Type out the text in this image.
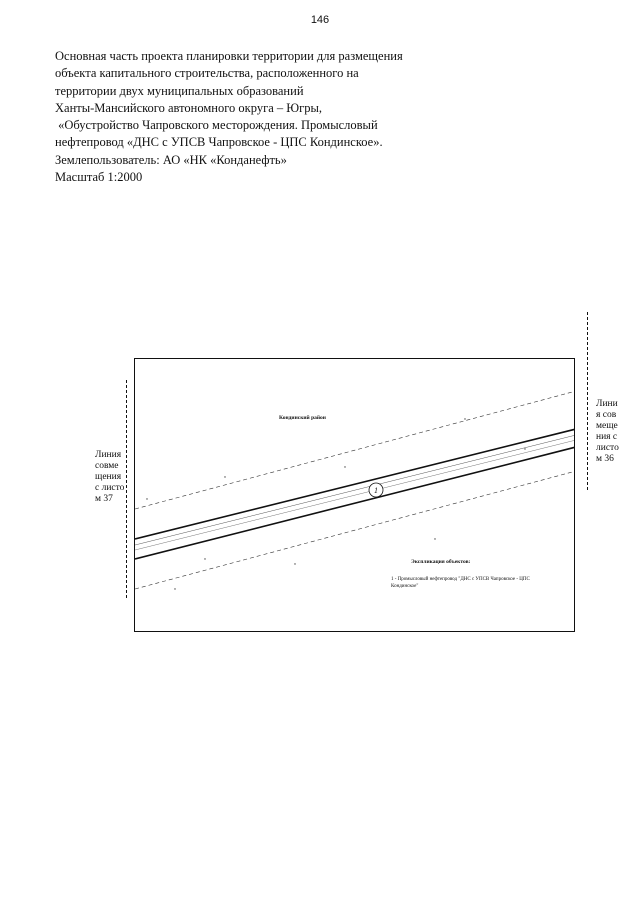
146
Основная часть проекта планировки территории для размещения
объекта капитального строительства, расположенного на
территории двух муниципальных образований
Ханты-Мансийского автономного округа – Югры,
«Обустройство Чапровского месторождения. Промысловый
нефтепровод «ДНС с УПСВ Чапровское - ЦПС Кондинское».
Землепользователь: АО «НК «Конданефть»
Масштаб 1:2000
Линия совмещения с листом 37
Линия совмещения с листом 36
1
Кондинский район
Экспликация объектов:
1 - Промысловый нефтепровод "ДНС с УПСВ Чапровское - ЦПС Кондинское"
